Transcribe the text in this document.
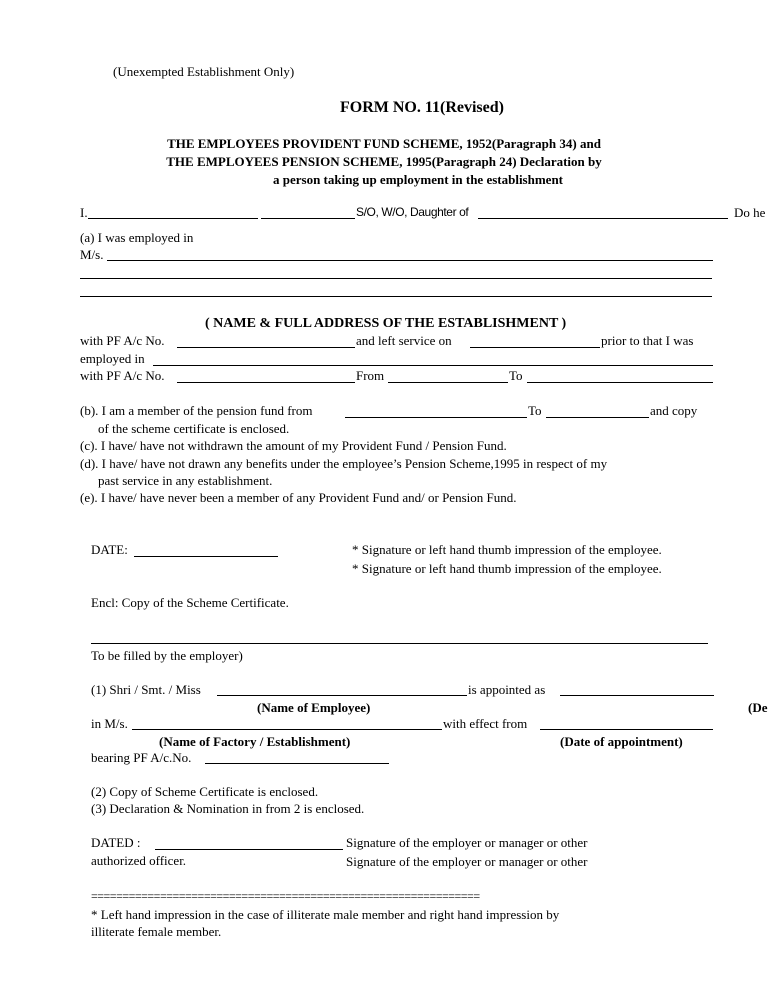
(Unexempted Establishment Only)
FORM NO. 11(Revised)
THE EMPLOYEES PROVIDENT FUND SCHEME, 1952(Paragraph 34) and
THE EMPLOYEES PENSION SCHEME, 1995(Paragraph 24) Declaration by
a person taking up employment in the establishment
I.	S/O, W/O, Daughter of	Do he
(a) I was employed in
M/s.
( NAME & FULL ADDRESS OF THE ESTABLISHMENT )
with PF A/c No.	and left service on	prior to that I was
employed in
with PF A/c No.	From	To
(b). I am a member of the pension fund from	To	and copy
of the scheme certificate is enclosed.
(c). I have/ have not withdrawn the amount of my Provident Fund / Pension Fund.
(d). I have/ have not drawn any benefits under the employee’s Pension Scheme,1995 in respect of my
past service in any establishment.
(e). I have/ have never been a member of any Provident Fund and/ or Pension Fund.
DATE:	* Signature or left hand thumb impression of the employee.
* Signature or left hand thumb impression of the employee.
Encl: Copy of the Scheme Certificate.
To be filled by the employer)
(1) Shri / Smt. / Miss	is appointed as
(Name of Employee)	(De
in M/s.	with effect from
(Name of Factory / Establishment)	(Date of appointment)
bearing PF A/c.No.
(2) Copy of Scheme Certificate is enclosed.
(3) Declaration & Nomination in from 2 is enclosed.
DATED :	Signature of the employer or manager or other
authorized officer.	Signature of the employer or manager or other
==============================================================
* Left hand impression in the case of illiterate male member and right hand impression by
illiterate female member.
